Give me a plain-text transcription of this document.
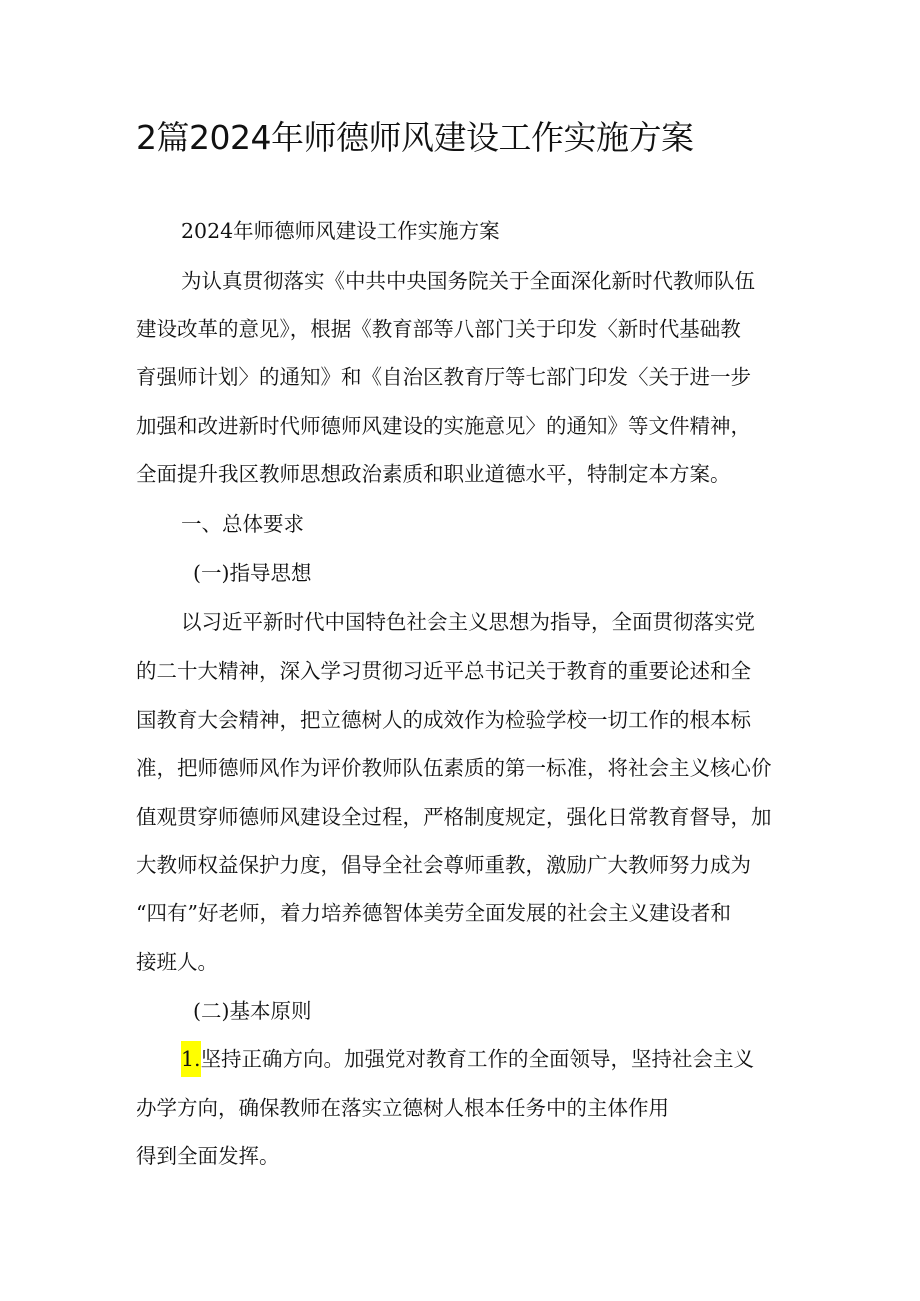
2篇2024年师德师风建设工作实施方案

2024年师德师风建设工作实施方案

为认真贯彻落实《中共中央国务院关于全面深化新时代教师队伍

建设改革的意见》，根据《教育部等八部门关于印发〈新时代基础教

育强师计划〉的通知》和《自治区教育厅等七部门印发〈关于进一步

加强和改进新时代师德师风建设的实施意见〉的通知》等文件精神，

全面提升我区教师思想政治素质和职业道德水平，特制定本方案。

一、总体要求

(一)指导思想

以习近平新时代中国特色社会主义思想为指导，全面贯彻落实党

的二十大精神，深入学习贯彻习近平总书记关于教育的重要论述和全

国教育大会精神，把立德树人的成效作为检验学校一切工作的根本标

准，把师德师风作为评价教师队伍素质的第一标准，将社会主义核心价

值观贯穿师德师风建设全过程，严格制度规定，强化日常教育督导，加

大教师权益保护力度，倡导全社会尊师重教，激励广大教师努力成为

“四有”好老师，着力培养德智体美劳全面发展的社会主义建设者和

接班人。

(二)基本原则

1.坚持正确方向。加强党对教育工作的全面领导，坚持社会主义

办学方向，确保教师在落实立德树人根本任务中的主体作用

得到全面发挥。
